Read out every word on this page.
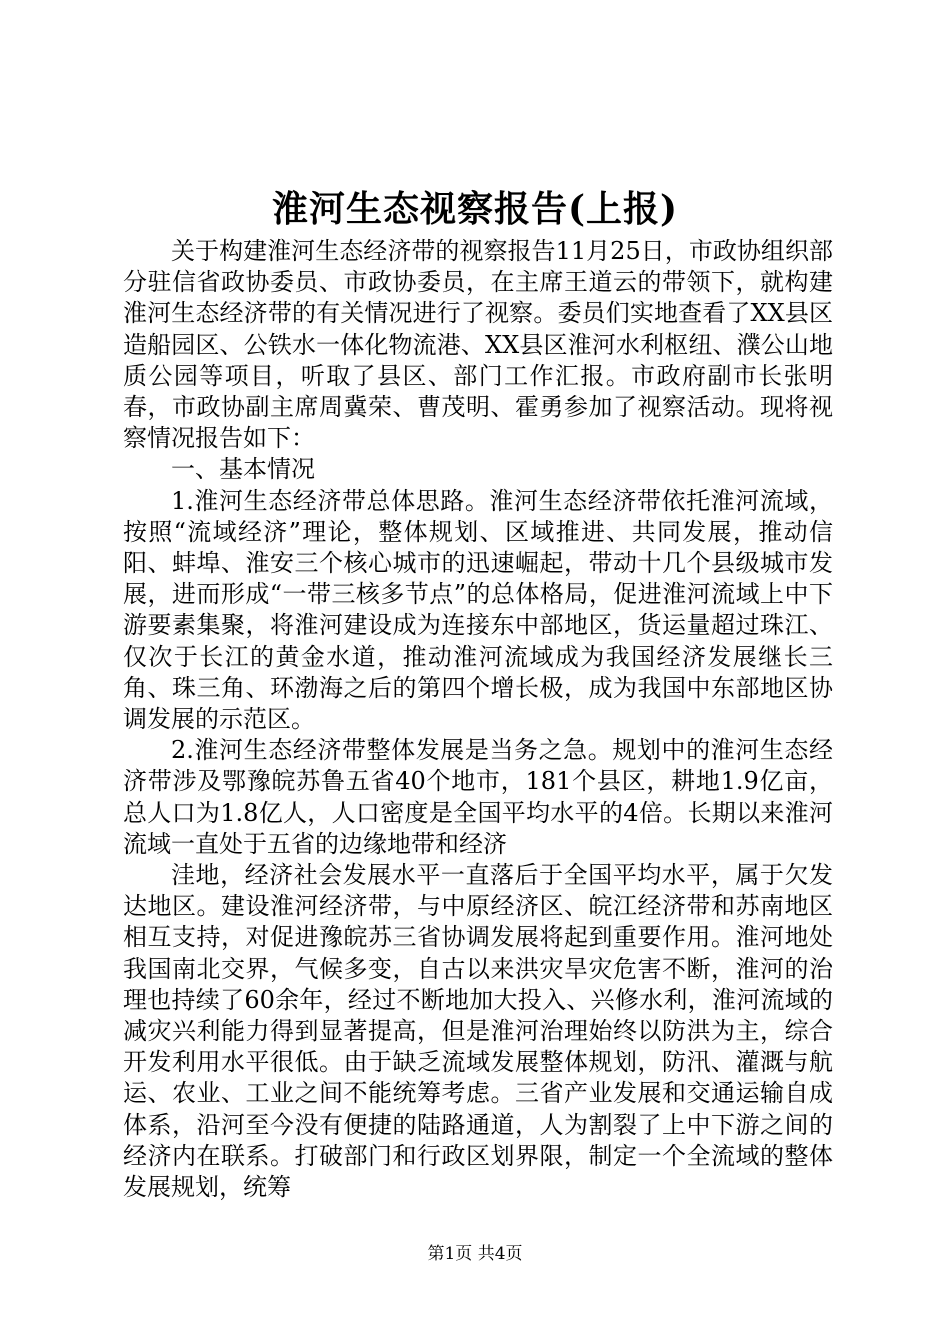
淮河生态视察报告(上报)

关于构建淮河生态经济带的视察报告11月25日，市政协组织部分驻信省政协委员、市政协委员，在主席王道云的带领下，就构建淮河生态经济带的有关情况进行了视察。委员们实地查看了XX县区造船园区、公铁水一体化物流港、XX县区淮河水利枢纽、濮公山地质公园等项目，听取了县区、部门工作汇报。市政府副市长张明春，市政协副主席周冀荣、曹茂明、霍勇参加了视察活动。现将视察情况报告如下：

一、基本情况

1.淮河生态经济带总体思路。淮河生态经济带依托淮河流域，按照“流域经济”理论，整体规划、区域推进、共同发展，推动信阳、蚌埠、淮安三个核心城市的迅速崛起，带动十几个县级城市发展，进而形成“一带三核多节点”的总体格局，促进淮河流域上中下游要素集聚，将淮河建设成为连接东中部地区，货运量超过珠江、仅次于长江的黄金水道，推动淮河流域成为我国经济发展继长三角、珠三角、环渤海之后的第四个增长极，成为我国中东部地区协调发展的示范区。

2.淮河生态经济带整体发展是当务之急。规划中的淮河生态经济带涉及鄂豫皖苏鲁五省40个地市，181个县区，耕地1.9亿亩，总人口为1.8亿人，人口密度是全国平均水平的4倍。长期以来淮河流域一直处于五省的边缘地带和经济

洼地，经济社会发展水平一直落后于全国平均水平，属于欠发达地区。建设淮河经济带，与中原经济区、皖江经济带和苏南地区相互支持，对促进豫皖苏三省协调发展将起到重要作用。淮河地处我国南北交界，气候多变，自古以来洪灾旱灾危害不断，淮河的治理也持续了60余年，经过不断地加大投入、兴修水利，淮河流域的减灾兴利能力得到显著提高，但是淮河治理始终以防洪为主，综合开发利用水平很低。由于缺乏流域发展整体规划，防汛、灌溉与航运、农业、工业之间不能统筹考虑。三省产业发展和交通运输自成体系，沿河至今没有便捷的陆路通道，人为割裂了上中下游之间的经济内在联系。打破部门和行政区划界限，制定一个全流域的整体发展规划，统筹

第1页 共4页
